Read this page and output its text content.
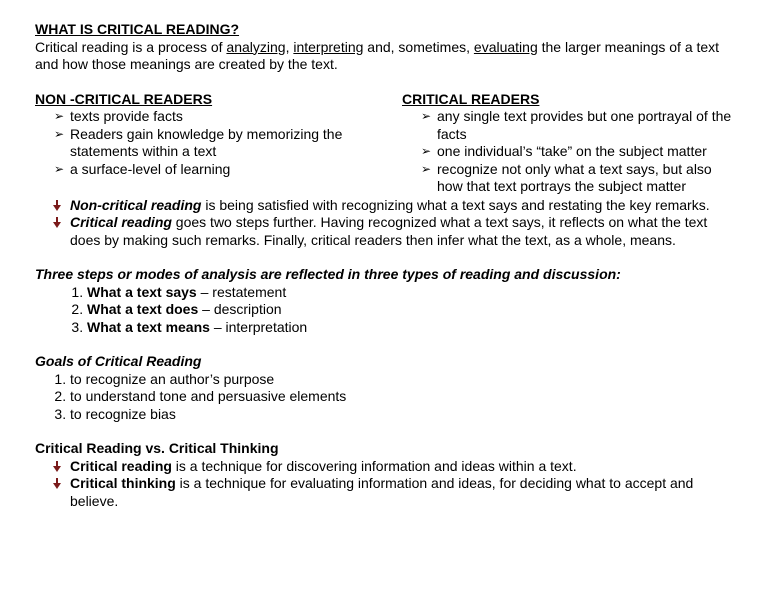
WHAT IS CRITICAL READING?

Critical reading is a process of analyzing, interpreting and, sometimes, evaluating the larger meanings of a text and how those meanings are created by the text.

NON -CRITICAL READERS
➢ texts provide facts
➢ Readers gain knowledge by memorizing the statements within a text
➢ a surface-level of learning
CRITICAL READERS
➢ any single text provides but one portrayal of the facts
➢ one individual’s “take” on the subject matter
➢ recognize not only what a text says, but also how that text portrays the subject matter
Non-critical reading is being satisfied with recognizing what a text says and restating the key remarks.
Critical reading goes two steps further. Having recognized what a text says, it reflects on what the text does by making such remarks. Finally, critical readers then infer what the text, as a whole, means.
Three steps or modes of analysis are reflected in three types of reading and discussion:
1. What a text says – restatement
2. What a text does – description
3. What a text means – interpretation
Goals of Critical Reading
1. to recognize an author’s purpose
2. to understand tone and persuasive elements
3. to recognize bias
Critical Reading vs. Critical Thinking
Critical reading is a technique for discovering information and ideas within a text.
Critical thinking is a technique for evaluating information and ideas, for deciding what to accept and believe.
